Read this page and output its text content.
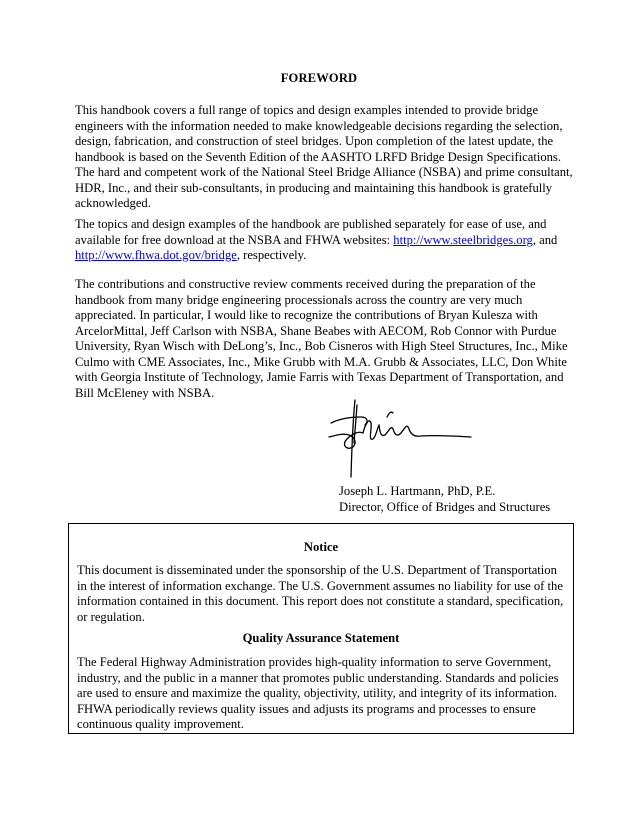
FOREWORD

This handbook covers a full range of topics and design examples intended to provide bridge engineers with the information needed to make knowledgeable decisions regarding the selection, design, fabrication, and construction of steel bridges. Upon completion of the latest update, the handbook is based on the Seventh Edition of the AASHTO LRFD Bridge Design Specifications. The hard and competent work of the National Steel Bridge Alliance (NSBA) and prime consultant, HDR, Inc., and their sub-consultants, in producing and maintaining this handbook is gratefully acknowledged.

The topics and design examples of the handbook are published separately for ease of use, and available for free download at the NSBA and FHWA websites: http://www.steelbridges.org, and http://www.fhwa.dot.gov/bridge, respectively.

The contributions and constructive review comments received during the preparation of the handbook from many bridge engineering processionals across the country are very much appreciated. In particular, I would like to recognize the contributions of Bryan Kulesza with ArcelorMittal, Jeff Carlson with NSBA, Shane Beabes with AECOM, Rob Connor with Purdue University, Ryan Wisch with DeLong’s, Inc., Bob Cisneros with High Steel Structures, Inc., Mike Culmo with CME Associates, Inc., Mike Grubb with M.A. Grubb & Associates, LLC, Don White with Georgia Institute of Technology, Jamie Farris with Texas Department of Transportation, and Bill McEleney with NSBA.

Joseph L. Hartmann, PhD, P.E.
Director, Office of Bridges and Structures
Notice

This document is disseminated under the sponsorship of the U.S. Department of Transportation in the interest of information exchange. The U.S. Government assumes no liability for use of the information contained in this document. This report does not constitute a standard, specification, or regulation.

Quality Assurance Statement

The Federal Highway Administration provides high-quality information to serve Government, industry, and the public in a manner that promotes public understanding. Standards and policies are used to ensure and maximize the quality, objectivity, utility, and integrity of its information. FHWA periodically reviews quality issues and adjusts its programs and processes to ensure continuous quality improvement.
